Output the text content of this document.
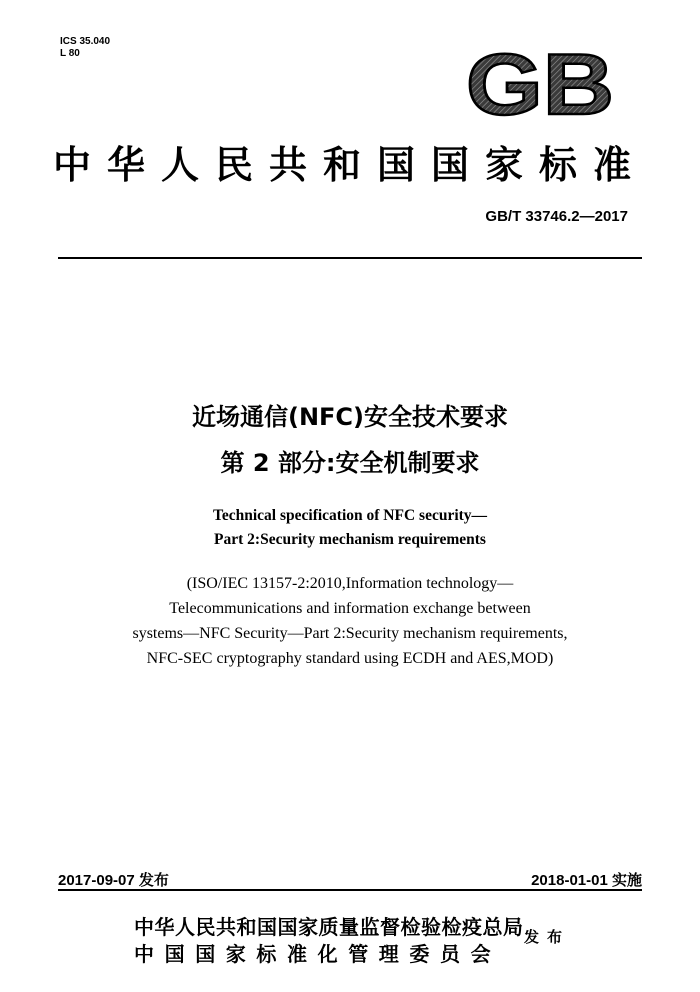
ICS 35.040
L 80	GB
中华人民共和国国家标准
GB/T 33746.2—2017
近场通信(NFC)安全技术要求
第 2 部分:安全机制要求
Technical specification of NFC security—
Part 2:Security mechanism requirements
(ISO/IEC 13157-2:2010,Information technology—
Telecommunications and information exchange between
systems—NFC Security—Part 2:Security mechanism requirements,
NFC-SEC cryptography standard using ECDH and AES,MOD)
2017-09-07 发布	2018-01-01 实施
中华人民共和国国家质量监督检验检疫总局
中国国家标准化管理委员会
发布
